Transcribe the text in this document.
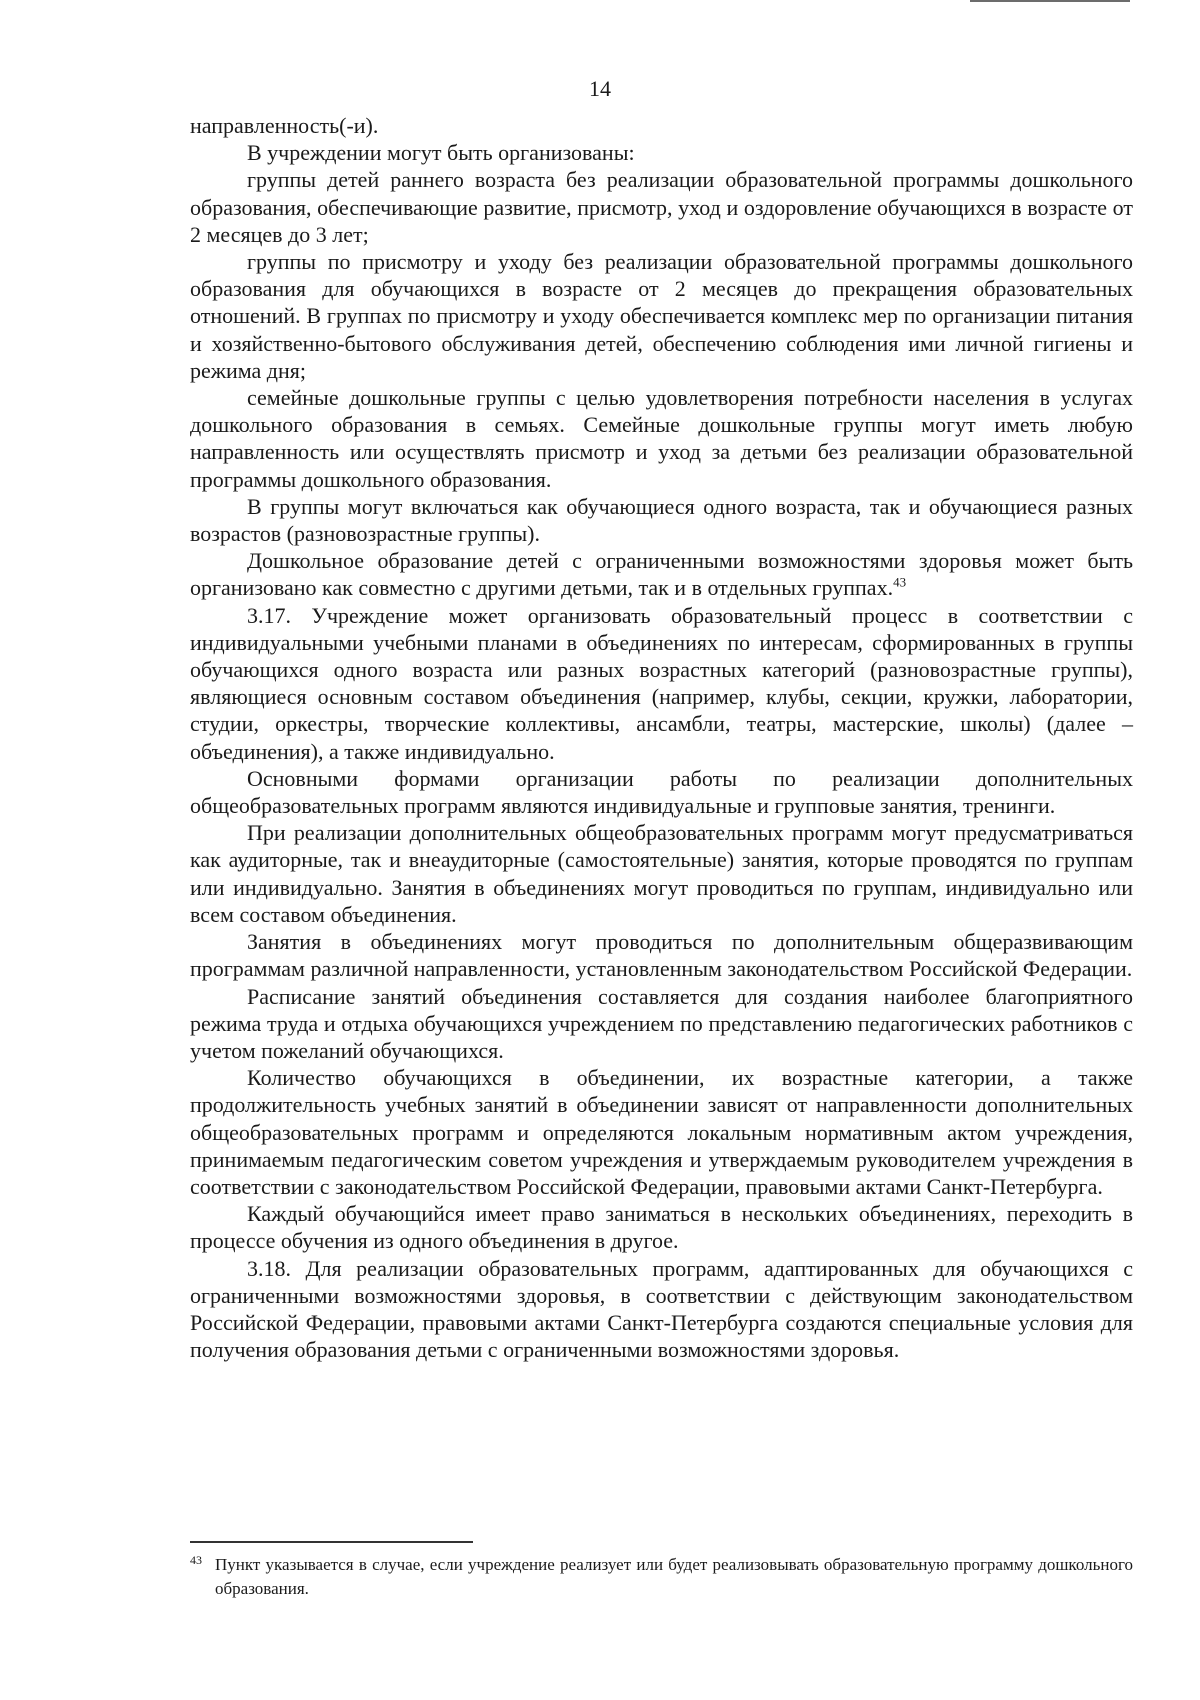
14

направленность(-и).

В учреждении могут быть организованы:

группы детей раннего возраста без реализации образовательной программы дошкольного образования, обеспечивающие развитие, присмотр, уход и оздоровление обучающихся в возрасте от 2 месяцев до 3 лет;

группы по присмотру и уходу без реализации образовательной программы дошкольного образования для обучающихся в возрасте от 2 месяцев до прекращения образовательных отношений. В группах по присмотру и уходу обеспечивается комплекс мер по организации питания и хозяйственно-бытового обслуживания детей, обеспечению соблюдения ими личной гигиены и режима дня;

семейные дошкольные группы с целью удовлетворения потребности населения в услугах дошкольного образования в семьях. Семейные дошкольные группы могут иметь любую направленность или осуществлять присмотр и уход за детьми без реализации образовательной программы дошкольного образования.

В группы могут включаться как обучающиеся одного возраста, так и обучающиеся разных возрастов (разновозрастные группы).

Дошкольное образование детей с ограниченными возможностями здоровья может быть организовано как совместно с другими детьми, так и в отдельных группах.$^{43}$

3.17. Учреждение может организовать образовательный процесс в соответствии с индивидуальными учебными планами в объединениях по интересам, сформированных в группы обучающихся одного возраста или разных возрастных категорий (разновозрастные группы), являющиеся основным составом объединения (например, клубы, секции, кружки, лаборатории, студии, оркестры, творческие коллективы, ансамбли, театры, мастерские, школы) (далее – объединения), а также индивидуально.

Основными формами организации работы по реализации дополнительных общеобразовательных программ являются индивидуальные и групповые занятия, тренинги.

При реализации дополнительных общеобразовательных программ могут предусматриваться как аудиторные, так и внеаудиторные (самостоятельные) занятия, которые проводятся по группам или индивидуально. Занятия в объединениях могут проводиться по группам, индивидуально или всем составом объединения.

Занятия в объединениях могут проводиться по дополнительным общеразвивающим программам различной направленности, установленным законодательством Российской Федерации.

Расписание занятий объединения составляется для создания наиболее благоприятного режима труда и отдыха обучающихся учреждением по представлению педагогических работников с учетом пожеланий обучающихся.

Количество обучающихся в объединении, их возрастные категории, а также продолжительность учебных занятий в объединении зависят от направленности дополнительных общеобразовательных программ и определяются локальным нормативным актом учреждения, принимаемым педагогическим советом учреждения и утверждаемым руководителем учреждения в соответствии с законодательством Российской Федерации, правовыми актами Санкт-Петербурга.

Каждый обучающийся имеет право заниматься в нескольких объединениях, переходить в процессе обучения из одного объединения в другое.

3.18. Для реализации образовательных программ, адаптированных для обучающихся с ограниченными возможностями здоровья, в соответствии с действующим законодательством Российской Федерации, правовыми актами Санкт-Петербурга создаются специальные условия для получения образования детьми с ограниченными возможностями здоровья.

43 Пункт указывается в случае, если учреждение реализует или будет реализовывать образовательную программу дошкольного образования.
